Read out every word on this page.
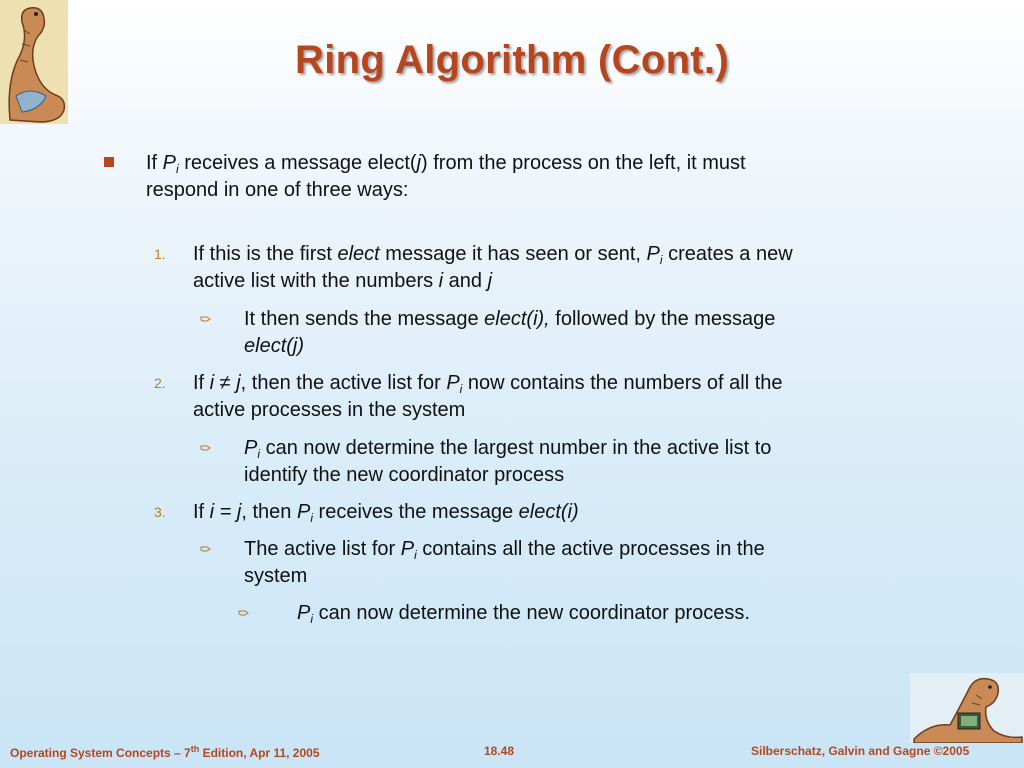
Ring Algorithm (Cont.)
If $P_i$ receives a message elect(j) from the process on the left, it must
respond in one of three ways:
1. If this is the first elect message it has seen or sent, $P_i$ creates a new
active list with the numbers i and j
It then sends the message elect(i), followed by the message
elect(j)
2. If i ≠ j, then the active list for $P_i$ now contains the numbers of all the
active processes in the system
$P_i$ can now determine the largest number in the active list to
identify the new coordinator process
3. If i = j, then $P_i$ receives the message elect(i)
The active list for $P_i$ contains all the active processes in the
system
$P_i$ can now determine the new coordinator process.
Operating System Concepts – 7th Edition, Apr 11, 2005	18.48	Silberschatz, Galvin and Gagne ©2005
